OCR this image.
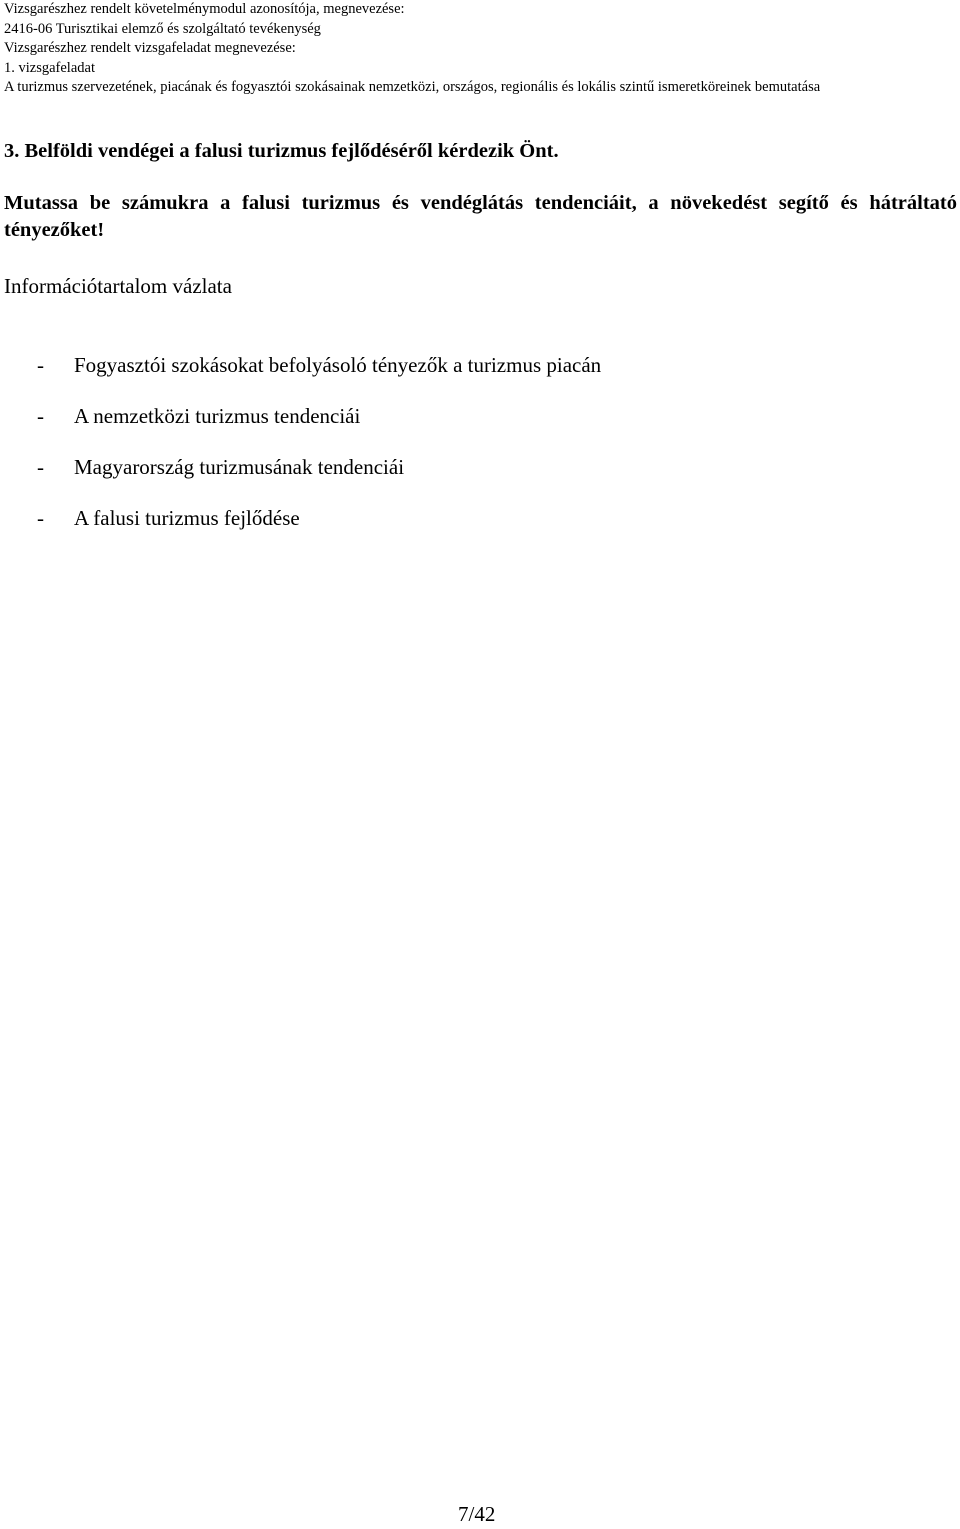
Vizsgarészhez rendelt követelménymodul azonosítója, megnevezése:
2416-06 Turisztikai elemző és szolgáltató tevékenység
Vizsgarészhez rendelt vizsgafeladat megnevezése:
1. vizsgafeladat
A turizmus szervezetének, piacának és fogyasztói szokásainak nemzetközi, országos, regionális és lokális szintű ismeretköreinek bemutatása
3. Belföldi vendégei a falusi turizmus fejlődéséről kérdezik Önt.
Mutassa be számukra a falusi turizmus és vendéglátás tendenciáit, a növekedést segítő és hátráltató tényezőket!
Információtartalom vázlata
- Fogyasztói szokásokat befolyásoló tényezők a turizmus piacán
- A nemzetközi turizmus tendenciái
- Magyarország turizmusának tendenciái
- A falusi turizmus fejlődése
7/42
